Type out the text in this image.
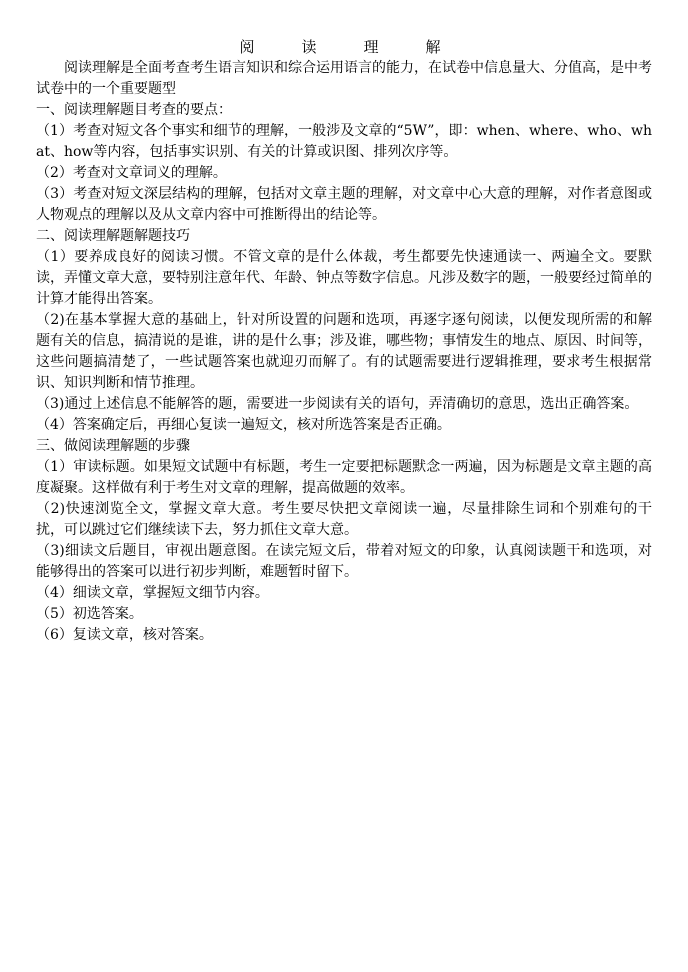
阅　读　理　解

阅读理解是全面考查考生语言知识和综合运用语言的能力，在试卷中信息量大、分值高，是中考试卷中的一个重要题型

一、阅读理解题目考查的要点：

（1）考查对短文各个事实和细节的理解，一般涉及文章的“5W”，即：when、where、who、what、how等内容，包括事实识别、有关的计算或识图、排列次序等。

（2）考查对文章词义的理解。

（3）考查对短文深层结构的理解，包括对文章主题的理解，对文章中心大意的理解，对作者意图或人物观点的理解以及从文章内容中可推断得出的结论等。

二、阅读理解题解题技巧

（1）要养成良好的阅读习惯。不管文章的是什么体裁，考生都要先快速通读一、两遍全文。要默读，弄懂文章大意，要特别注意年代、年龄、钟点等数字信息。凡涉及数字的题，一般要经过简单的计算才能得出答案。

（2)在基本掌握大意的基础上，针对所设置的问题和选项，再逐字逐句阅读，以便发现所需的和解题有关的信息，搞清说的是谁，讲的是什么事；涉及谁，哪些物；事情发生的地点、原因、时间等，这些问题搞清楚了，一些试题答案也就迎刃而解了。有的试题需要进行逻辑推理，要求考生根据常识、知识判断和情节推理。

（3)通过上述信息不能解答的题，需要进一步阅读有关的语句，弄清确切的意思，选出正确答案。

（4）答案确定后，再细心复读一遍短文，核对所选答案是否正确。

三、做阅读理解题的步骤

（1）审读标题。如果短文试题中有标题，考生一定要把标题默念一两遍，因为标题是文章主题的高度凝聚。这样做有利于考生对文章的理解，提高做题的效率。

（2)快速浏览全文，掌握文章大意。考生要尽快把文章阅读一遍，尽量排除生词和个别难句的干扰，可以跳过它们继续读下去，努力抓住文章大意。

（3)细读文后题目，审视出题意图。在读完短文后，带着对短文的印象，认真阅读题干和选项，对能够得出的答案可以进行初步判断，难题暂时留下。

（4）细读文章，掌握短文细节内容。

（5）初选答案。

（6）复读文章，核对答案。
